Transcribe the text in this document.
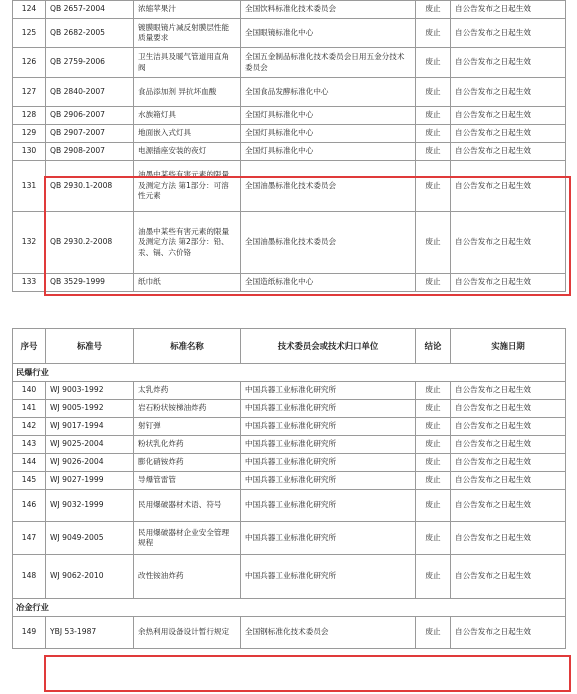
124	QB 2657-2004	浓缩苹果汁	全国饮料标准化技术委员会	废止	自公告发布之日起生效
125	QB 2682-2005	镀膜眼镜片减反射膜层性能质量要求	全国眼镜标准化中心	废止	自公告发布之日起生效
126	QB 2759-2006	卫生洁具及暖气管道用直角阀	全国五金制品标准化技术委员会日用五金分技术委员会	废止	自公告发布之日起生效
127	QB 2840-2007	食品添加剂 异抗坏血酸	全国食品发酵标准化中心	废止	自公告发布之日起生效
128	QB 2906-2007	水族箱灯具	全国灯具标准化中心	废止	自公告发布之日起生效
129	QB 2907-2007	地面嵌入式灯具	全国灯具标准化中心	废止	自公告发布之日起生效
130	QB 2908-2007	电源插座安装的夜灯	全国灯具标准化中心	废止	自公告发布之日起生效
131	QB 2930.1-2008	油墨中某些有害元素的限量及测定方法 第1部分：可溶性元素	全国油墨标准化技术委员会	废止	自公告发布之日起生效
132	QB 2930.2-2008	油墨中某些有害元素的限量及测定方法 第2部分：铅、汞、镉、六价铬	全国油墨标准化技术委员会	废止	自公告发布之日起生效
133	QB 3529-1999	纸巾纸	全国造纸标准化中心	废止	自公告发布之日起生效
序号	标准号	标准名称	技术委员会或技术归口单位	结论	实施日期
民爆行业					
140	WJ 9003-1992	太乳炸药	中国兵器工业标准化研究所	废止	自公告发布之日起生效
141	WJ 9005-1992	岩石粉状铵梯油炸药	中国兵器工业标准化研究所	废止	自公告发布之日起生效
142	WJ 9017-1994	射钉弹	中国兵器工业标准化研究所	废止	自公告发布之日起生效
143	WJ 9025-2004	粉状乳化炸药	中国兵器工业标准化研究所	废止	自公告发布之日起生效
144	WJ 9026-2004	膨化硝铵炸药	中国兵器工业标准化研究所	废止	自公告发布之日起生效
145	WJ 9027-1999	导爆管雷管	中国兵器工业标准化研究所	废止	自公告发布之日起生效
146	WJ 9032-1999	民用爆破器材术语、符号	中国兵器工业标准化研究所	废止	自公告发布之日起生效
147	WJ 9049-2005	民用爆破器材企业安全管理规程	中国兵器工业标准化研究所	废止	自公告发布之日起生效
148	WJ 9062-2010	改性铵油炸药	中国兵器工业标准化研究所	废止	自公告发布之日起生效
冶金行业					
149	YBJ 53-1987	余热利用设备设计暂行规定	全国钢标准化技术委员会	废止	自公告发布之日起生效
